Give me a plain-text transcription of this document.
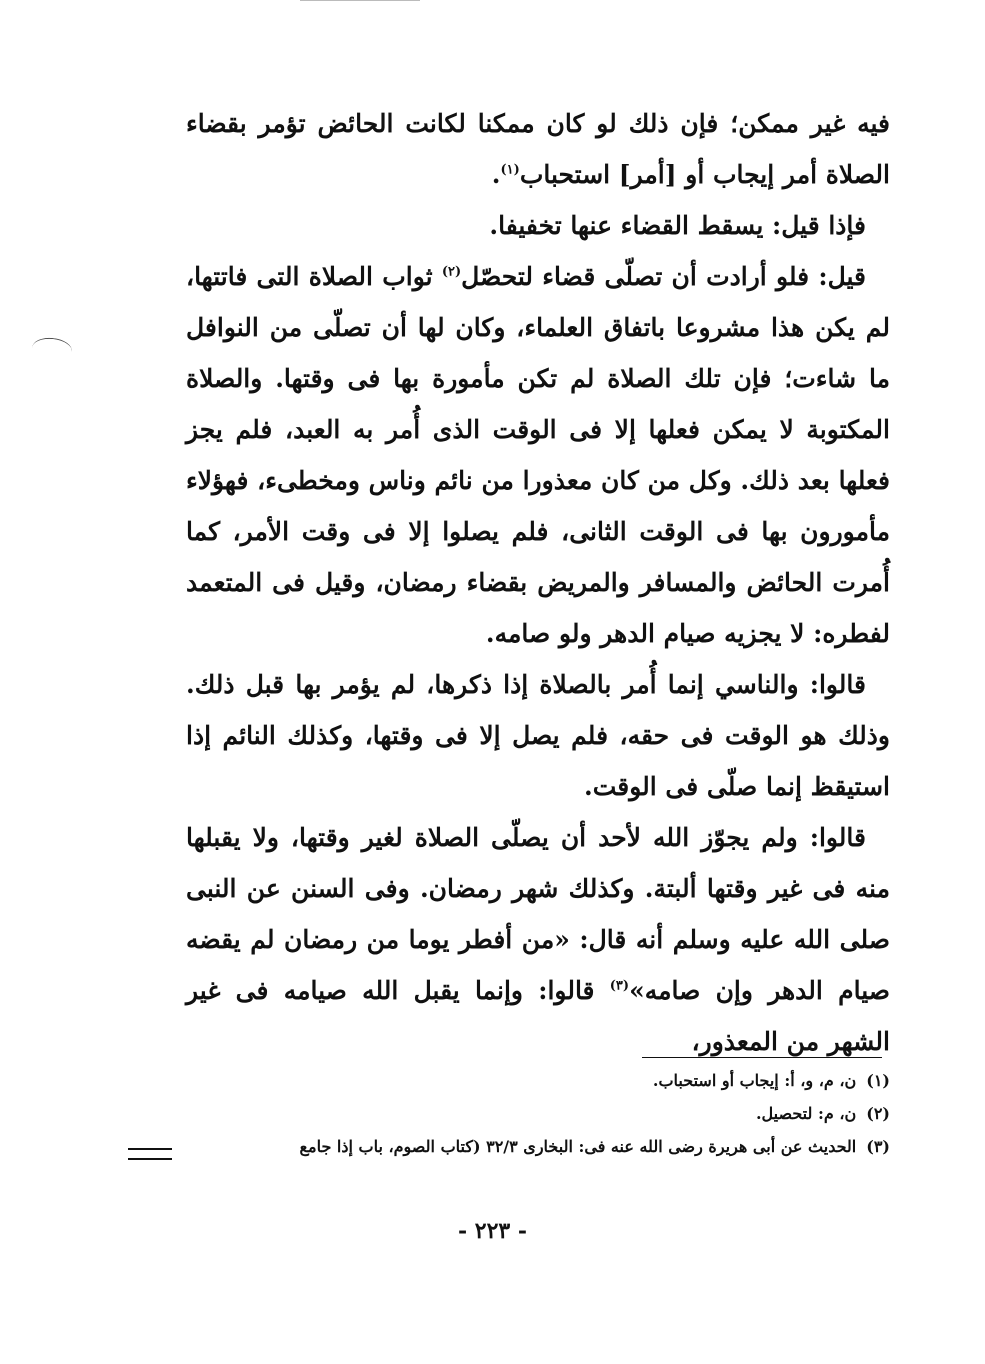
فيه غير ممكن؛ فإن ذلك لو كان ممكنا لكانت الحائض تؤمر بقضاء الصلاة أمر إيجاب أو [أمر] استحباب$^{(١)}$.

فإذا قيل: يسقط القضاء عنها تخفيفا.

قيل: فلو أرادت أن تصلّى قضاء لتحصّل$^{(٢)}$ ثواب الصلاة التى فاتتها، لم يكن هذا مشروعا باتفاق العلماء، وكان لها أن تصلّى من النوافل ما شاءت؛ فإن تلك الصلاة لم تكن مأمورة بها فى وقتها. والصلاة المكتوبة لا يمكن فعلها إلا فى الوقت الذى أُمر به العبد، فلم يجز فعلها بعد ذلك. وكل من كان معذورا من نائم وناس ومخطىء، فهؤلاء مأمورون بها فى الوقت الثانى، فلم يصلوا إلا فى وقت الأمر، كما أُمرت الحائض والمسافر والمريض بقضاء رمضان، وقيل فى المتعمد لفطره: لا يجزيه صيام الدهر ولو صامه.

قالوا: والناسي إنما أُمر بالصلاة إذا ذكرها، لم يؤمر بها قبل ذلك. وذلك هو الوقت فى حقه، فلم يصل إلا فى وقتها، وكذلك النائم إذا استيقظ إنما صلّى فى الوقت.

قالوا: ولم يجوّز الله لأحد أن يصلّى الصلاة لغير وقتها، ولا يقبلها منه فى غير وقتها ألبتة. وكذلك شهر رمضان. وفى السنن عن النبى صلى الله عليه وسلم أنه قال: «من أفطر يوما من رمضان لم يقضه صيام الدهر وإن صامه»$^{(٣)}$ قالوا: وإنما يقبل الله صيامه فى غير الشهر من المعذور،

(١)ن، م، و، أ: إيجاب أو استحباب.
(٢)ن، م: لتحصيل.
(٣)الحديث عن أبى هريرة رضى الله عنه فى: البخارى ٣٢/٣ (كتاب الصوم، باب إذا جامع
- ٢٢٣ -
